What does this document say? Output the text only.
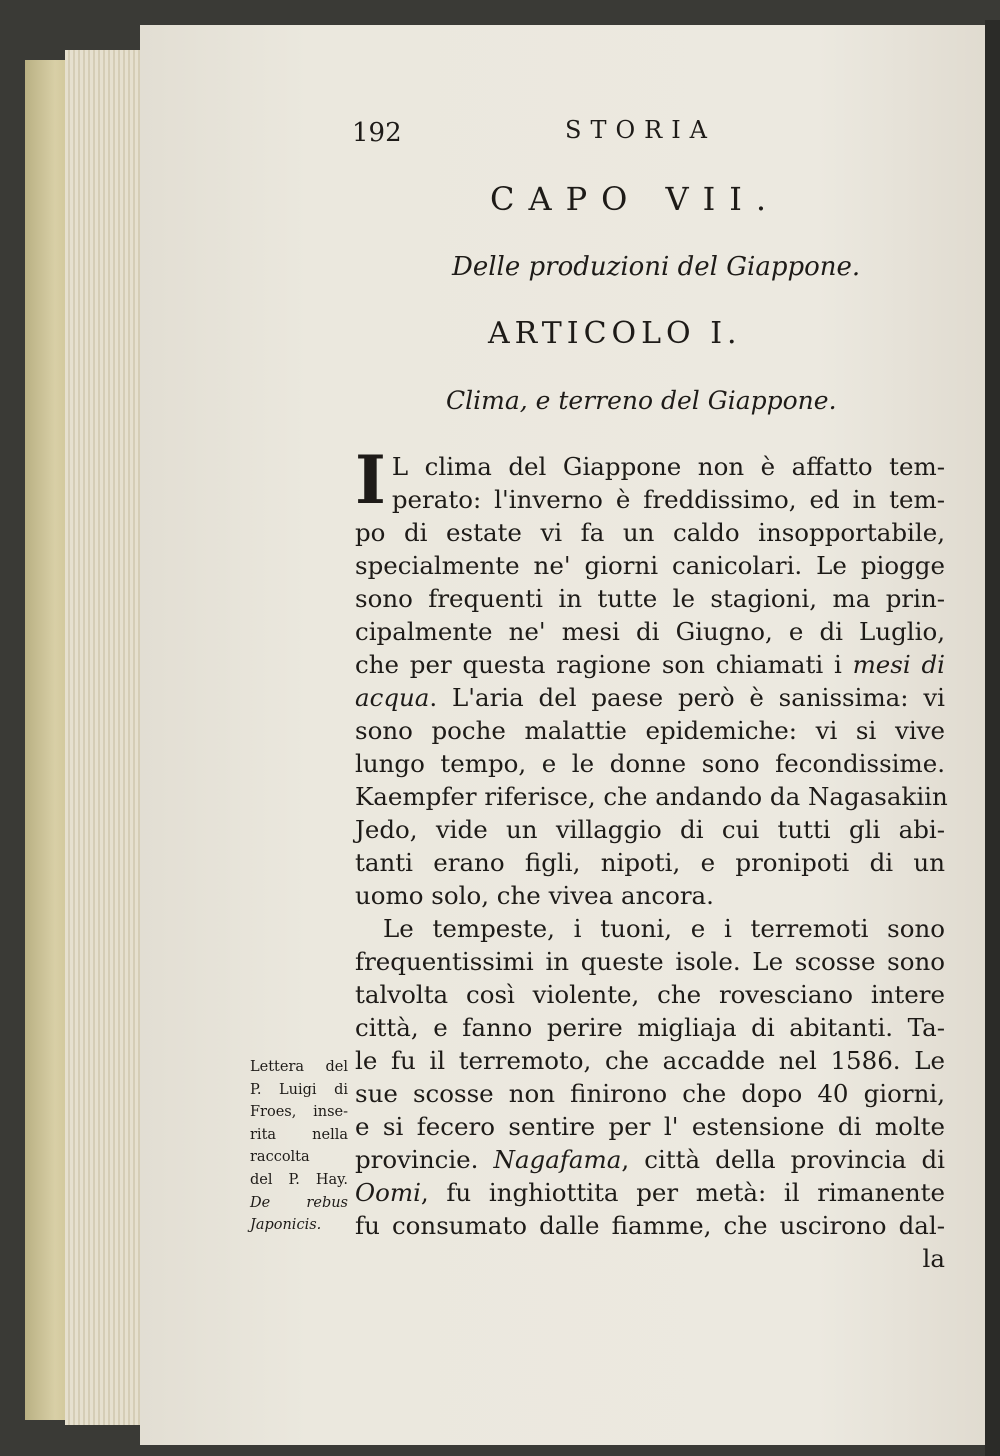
192	STORIA
CAPO VII.
Delle produzioni del Giappone.
ARTICOLO I.
Clima, e terreno del Giappone.
I L clima del Giappone non è affatto tem-
perato: l'inverno è freddissimo, ed in tem-
po di estate vi fa un caldo insopportabile,
specialmente ne' giorni canicolari. Le piogge
sono frequenti in tutte le stagioni, ma prin-
cipalmente ne' mesi di Giugno, e di Luglio,
che per questa ragione son chiamati i mesi di
acqua. L'aria del paese però è sanissima: vi
sono poche malattie epidemiche: vi si vive
lungo tempo, e le donne sono fecondissime.
Kaempfer riferisce, che andando da Nagasakiin
Jedo, vide un villaggio di cui tutti gli abi-
tanti erano figli, nipoti, e pronipoti di un
uomo solo, che vivea ancora.
Le tempeste, i tuoni, e i terremoti sono
frequentissimi in queste isole. Le scosse sono
talvolta così violente, che rovesciano intere
città, e fanno perire migliaja di abitanti. Ta-
le fu il terremoto, che accadde nel 1586. Le
sue scosse non finirono che dopo 40 giorni,
e si fecero sentire per l' estensione di molte
provincie. Nagafama, città della provincia di
Oomi, fu inghiottita per metà: il rimanente
fu consumato dalle fiamme, che uscirono dal-
la
Lettera del
P. Luigi di
Froes, inse-
rita nella
raccolta
del P. Hay.
De rebus
Japonicis.
